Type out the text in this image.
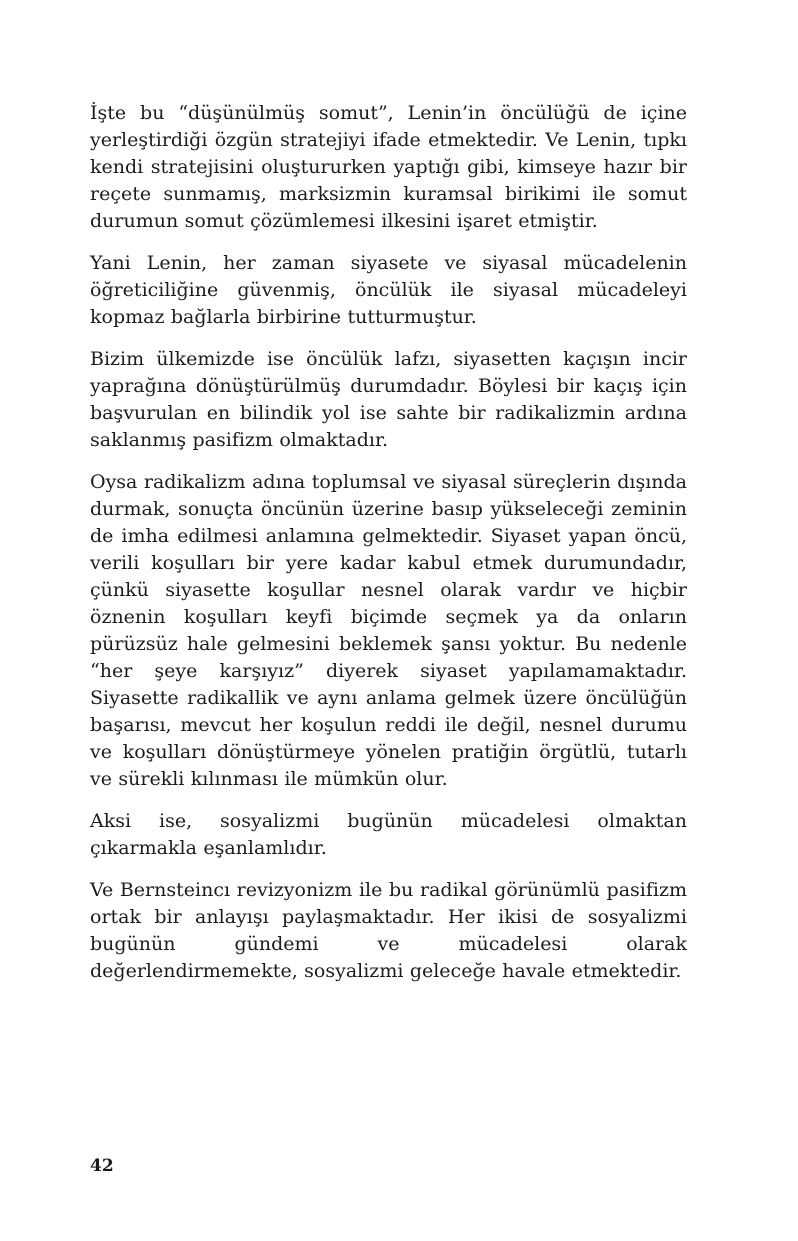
İşte bu “düşünülmüş somut”, Lenin’in öncülüğü de içine yerleştirdiği özgün stratejiyi ifade etmektedir. Ve Lenin, tıpkı kendi stratejisini oluştururken yaptığı gibi, kimseye hazır bir reçete sunmamış, marksizmin kuramsal birikimi ile somut durumun somut çözümlemesi ilkesini işaret etmiştir.

Yani Lenin, her zaman siyasete ve siyasal mücadelenin öğreticiliğine güvenmiş, öncülük ile siyasal mücadeleyi kopmaz bağlarla birbirine tutturmuştur.

Bizim ülkemizde ise öncülük lafzı, siyasetten kaçışın incir yaprağına dönüştürülmüş durumdadır. Böylesi bir kaçış için başvurulan en bilindik yol ise sahte bir radikalizmin ardına saklanmış pasifizm olmaktadır.

Oysa radikalizm adına toplumsal ve siyasal süreçlerin dışında durmak, sonuçta öncünün üzerine basıp yükseleceği zeminin de imha edilmesi anlamına gelmektedir. Siyaset yapan öncü, verili koşulları bir yere kadar kabul etmek durumundadır, çünkü siyasette koşullar nesnel olarak vardır ve hiçbir öznenin koşulları keyfi biçimde seçmek ya da onların pürüzsüz hale gelmesini beklemek şansı yoktur. Bu nedenle “her şeye karşıyız” diyerek siyaset yapılamamaktadır. Siyasette radikallik ve aynı anlama gelmek üzere öncülüğün başarısı, mevcut her koşulun reddi ile değil, nesnel durumu ve koşulları dönüştürmeye yönelen pratiğin örgütlü, tutarlı ve sürekli kılınması ile mümkün olur.

Aksi ise, sosyalizmi bugünün mücadelesi olmaktan çıkarmakla eşanlamlıdır.

Ve Bernsteincı revizyonizm ile bu radikal görünümlü pasifizm ortak bir anlayışı paylaşmaktadır. Her ikisi de sosyalizmi bugünün gündemi ve mücadelesi olarak değerlendirmemekte, sosyalizmi geleceğe havale etmektedir.

42
